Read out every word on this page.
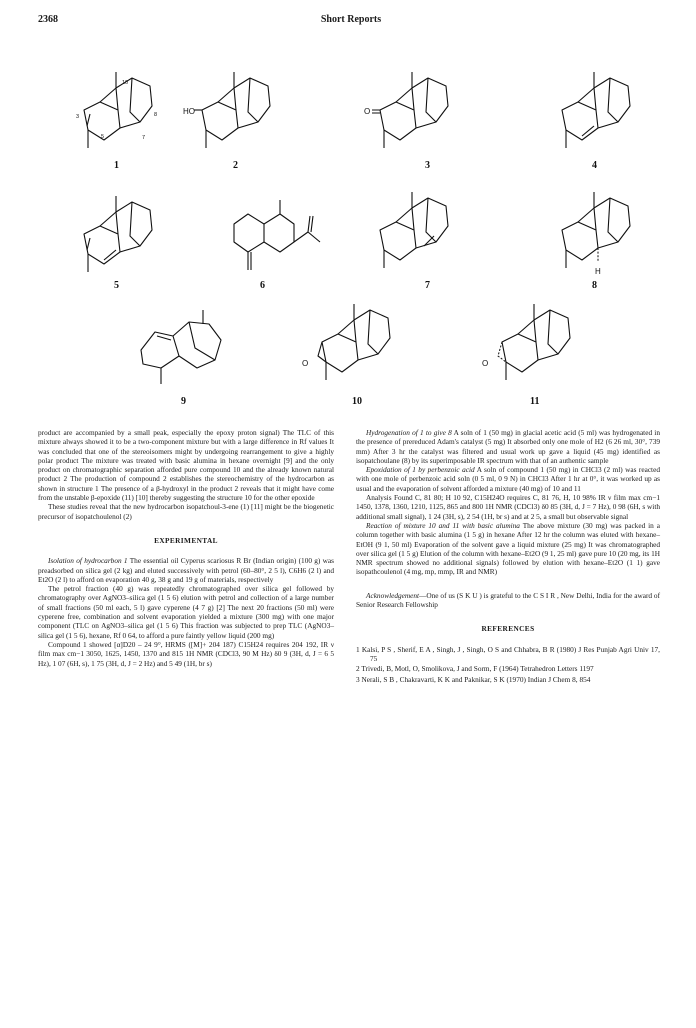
2368	Short Reports
10
3
5
8
7
1
HO
2
O
3	4
5	6	7
H
8
9
O
10
O
11

product are accompanied by a small peak, especially the epoxy proton signal) The TLC of this mixture always showed it to be a two-component mixture but with a large difference in Rf values It was concluded that one of the stereoisomers might by undergoing rearrangement to give a highly polar product The mixture was treated with basic alumina in hexane overnight [9] and the only product on chromatographic separation afforded pure compound 10 and the already known natural product 2 The production of compound 2 establishes the stereochemistry of the hydrocarbon as shown in structure 1 The presence of a β-hydroxyl in the product 2 reveals that it might have come from the unstable β-epoxide (11) [10] thereby suggesting the structure 10 for the other epoxide

These studies reveal that the new hydrocarbon isopatchoul-3-ene (1) [11] might be the biogenetic precursor of isopatchoulenol (2)

EXPERIMENTAL

Isolation of hydrocarbon 1 The essential oil Cyperus scariosus R Br (Indian origin) (100 g) was preadsorbed on silica gel (2 kg) and eluted successively with petrol (60–80°, 2 5 l), C6H6 (2 l) and Et2O (2 l) to afford on evaporation 40 g, 38 g and 19 g of materials, respectively

The petrol fraction (40 g) was repeatedly chromatographed over silica gel followed by chromatography over AgNO3–silica gel (1 5 6) elution with petrol and collection of a large number of small fractions (50 ml each, 5 l) gave cyperene (4 7 g) [2] The next 20 fractions (50 ml) were cyperene free, combination and solvent evaporation yielded a mixture (300 mg) with one major component (TLC on AgNO3–silica gel (1 5 6) This fraction was subjected to prep TLC (AgNO3–silica gel (1 5 6), hexane, Rf 0 64, to afford a pure faintly yellow liquid (200 mg)

Compound 1 showed [α]D20 – 24 9°, HRMS ([M]+ 204 187) C15H24 requires 204 192, IR ν film max cm−1 3050, 1625, 1450, 1370 and 815 1H NMR (CDCl3, 90 M Hz) δ0 9 (3H, d, J = 6 5 Hz), 1 07 (6H, s), 1 75 (3H, d, J = 2 Hz) and 5 49 (1H, br s)

Hydrogenation of 1 to give 8 A soln of 1 (50 mg) in glacial acetic acid (5 ml) was hydrogenated in the presence of prereduced Adam's catalyst (5 mg) It absorbed only one mole of H2 (6 26 ml, 30°, 739 mm) After 3 hr the catalyst was filtered and usual work up gave a liquid (45 mg) identified as isopatchoulane (8) by its superimposable IR spectrum with that of an authentic sample

Epoxidation of 1 by perbenzoic acid A soln of compound 1 (50 mg) in CHCl3 (2 ml) was reacted with one mole of perbenzoic acid soln (0 5 ml, 0 9 N) in CHCl3 After 1 hr at 0°, it was worked up as usual and the evaporation of solvent afforded a mixture (40 mg) of 10 and 11

Analysis Found C, 81 80; H 10 92, C15H24O requires C, 81 76, H, 10 98% IR ν film max cm−1 1450, 1378, 1360, 1210, 1125, 865 and 800 1H NMR (CDCl3) δ0 85 (3H, d, J = 7 Hz), 0 98 (6H, s with additional small signal), 1 24 (3H, s), 2 54 (1H, br s) and at 2 5, a small but observable signal

Reaction of mixture 10 and 11 with basic alumina The above mixture (30 mg) was packed in a column together with basic alumina (1 5 g) in hexane After 12 hr the column was eluted with hexane–EtOH (9 1, 50 ml) Evaporation of the solvent gave a liquid mixture (25 mg) It was chromatographed over silica gel (1 5 g) Elution of the column with hexane–Et2O (9 1, 25 ml) gave pure 10 (20 mg, its 1H NMR spectrum showed no additional signals) followed by elution with hexane–Et2O (1 1) gave isopathcoulenol (4 mg, mp, mmp, IR and NMR)

Acknowledgement—One of us (S K U ) is grateful to the C S I R , New Delhi, India for the award of Senior Research Fellowship

REFERENCES

1 Kalsi, P S , Sherif, E A , Singh, J , Singh, O S and Chhabra, B R (1980) J Res Punjab Agri Univ 17, 75

2 Trivedi, B, Motl, O, Smolikova, J and Sorm, F (1964) Tetrahedron Letters 1197

3 Nerali, S B , Chakravarti, K K and Paknikar, S K (1970) Indian J Chem 8, 854
